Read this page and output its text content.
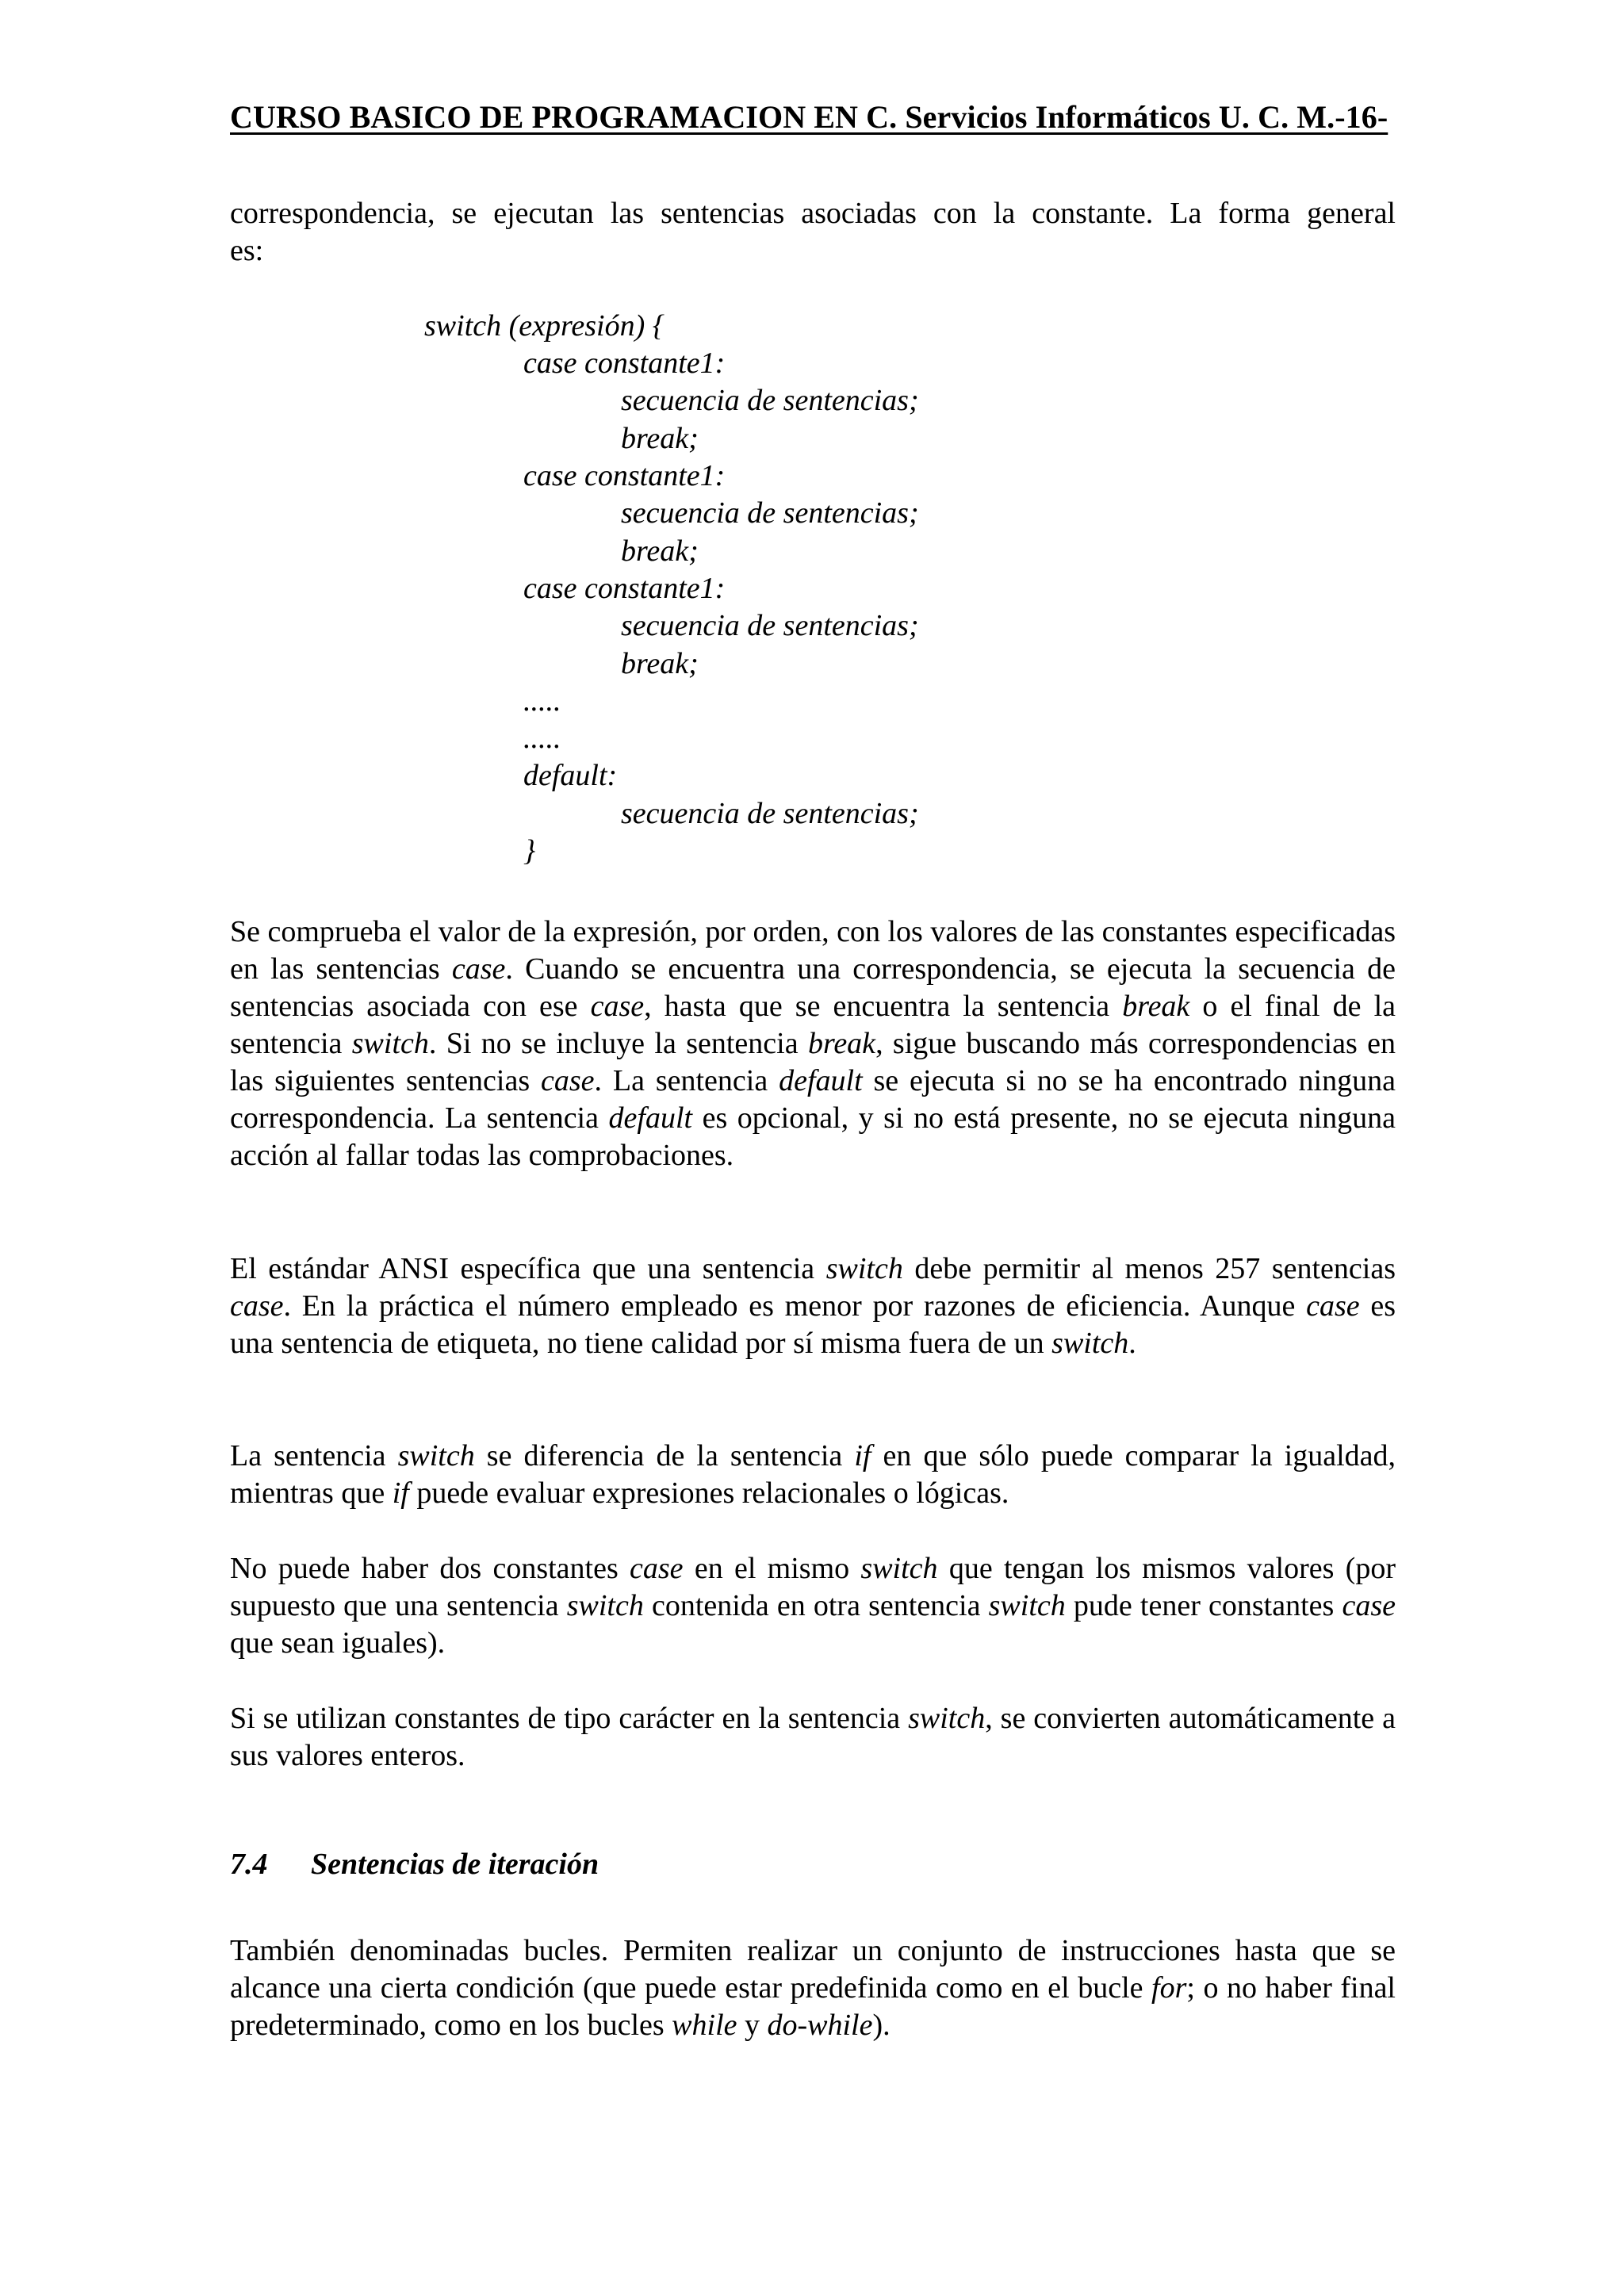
CURSO BASICO DE PROGRAMACION EN C. Servicios Informáticos U. C. M.-16-
correspondencia, se ejecutan las sentencias asociadas con la constante. La forma general
es:
switch (expresión) {
case constante1:
secuencia de sentencias;
break;
case constante1:
secuencia de sentencias;
break;
case constante1:
secuencia de sentencias;
break;
.....
.....
default:
secuencia de sentencias;
}
Se comprueba el valor de la expresión, por orden, con los valores de las constantes especificadas en las sentencias case. Cuando se encuentra una correspondencia, se ejecuta la secuencia de sentencias asociada con ese case, hasta que se encuentra la sentencia break o el final de la sentencia switch. Si no se incluye la sentencia break, sigue buscando más correspondencias en las siguientes sentencias case. La sentencia default se ejecuta si no se ha encontrado ninguna correspondencia. La sentencia default es opcional, y si no está presente, no se ejecuta ninguna acción al fallar todas las comprobaciones.
El estándar ANSI específica que una sentencia switch debe permitir al menos 257 sentencias case. En la práctica el número empleado es menor por razones de eficiencia. Aunque case es una sentencia de etiqueta, no tiene calidad por sí misma fuera de un switch.
La sentencia switch se diferencia de la sentencia if en que sólo puede comparar la igualdad, mientras que if puede evaluar expresiones relacionales o lógicas.
No puede haber dos constantes case en el mismo switch que tengan los mismos valores (por supuesto que una sentencia switch contenida en otra sentencia switch pude tener constantes case que sean iguales).
Si se utilizan constantes de tipo carácter en la sentencia switch, se convierten automáticamente a sus valores enteros.
7.4 Sentencias de iteración
También denominadas bucles. Permiten realizar un conjunto de instrucciones hasta que se alcance una cierta condición (que puede estar predefinida como en el bucle for; o no haber final predeterminado, como en los bucles while y do-while).
